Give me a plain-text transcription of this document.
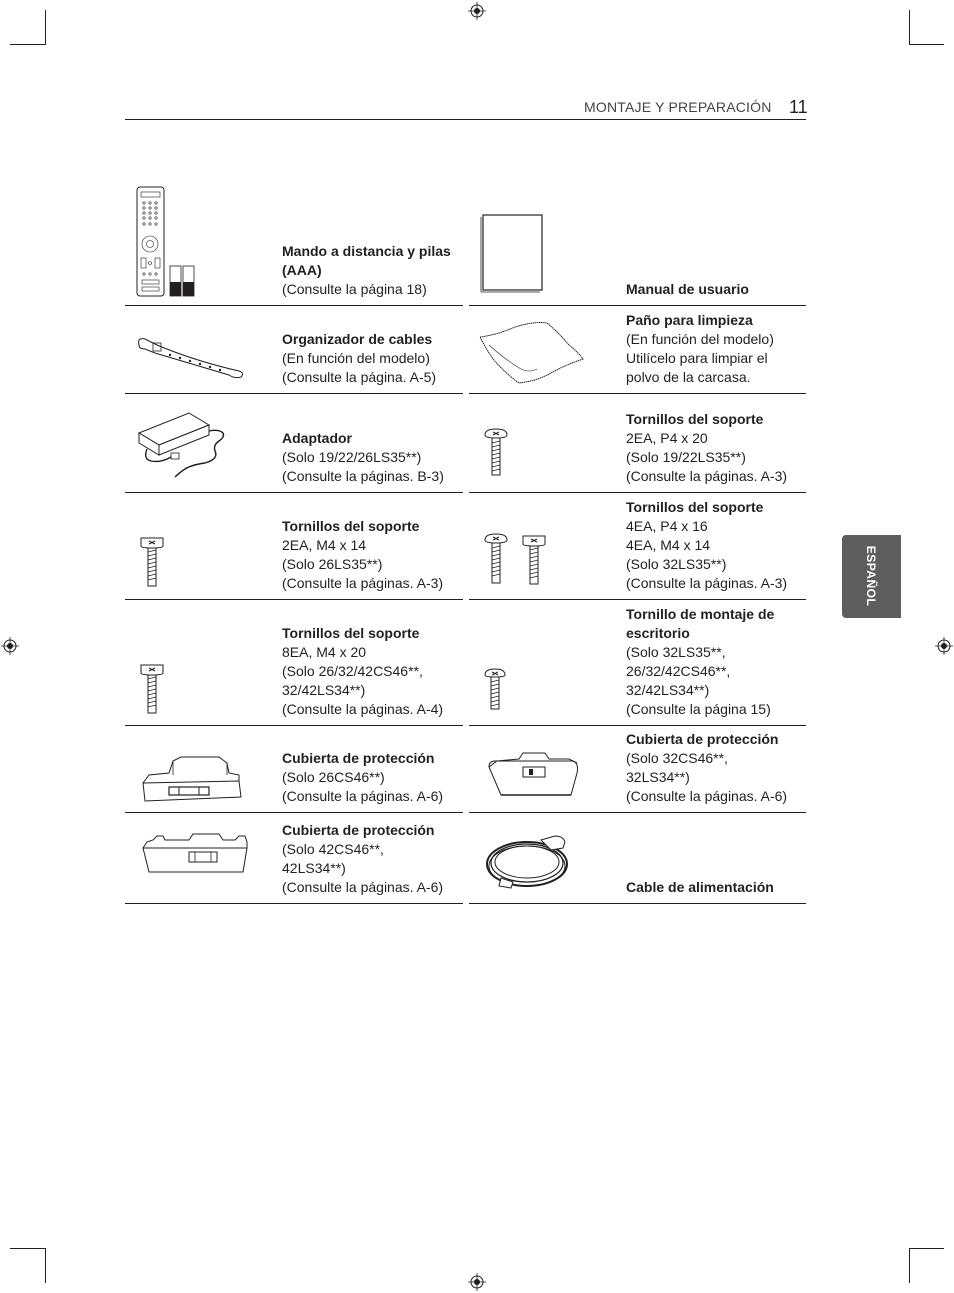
MONTAJE Y PREPARACIÓN 11
ESPAÑOL
Mando a distancia y pilas (AAA)
(Consulte la página 18)	Manual de usuario
Organizador de cables
(En función del modelo)
(Consulte la página. A-5)
Paño para limpieza
(En función del modelo)
Utilícelo para limpiar el
polvo de la carcasa.
Adaptador
(Solo 19/22/26LS35**)
(Consulte la páginas. B-3)
Tornillos del soporte
2EA, P4 x 20
(Solo 19/22LS35**)
(Consulte la páginas. A-3)
Tornillos del soporte
2EA, M4 x 14
(Solo 26LS35**)
(Consulte la páginas. A-3)
Tornillos del soporte
4EA, P4 x 16
4EA, M4 x 14
(Solo 32LS35**)
(Consulte la páginas. A-3)
Tornillos del soporte
8EA, M4 x 20
(Solo 26/32/42CS46**,
32/42LS34**)
(Consulte la páginas. A-4)
Tornillo de montaje de escritorio
(Solo 32LS35**,
26/32/42CS46**,
32/42LS34**)
(Consulte la página 15)
Cubierta de protección
(Solo 26CS46**)
(Consulte la páginas. A-6)
Cubierta de protección
(Solo 32CS46**,
32LS34**)
(Consulte la páginas. A-6)
Cubierta de protección
(Solo 42CS46**,
42LS34**)
(Consulte la páginas. A-6)	Cable de alimentación
